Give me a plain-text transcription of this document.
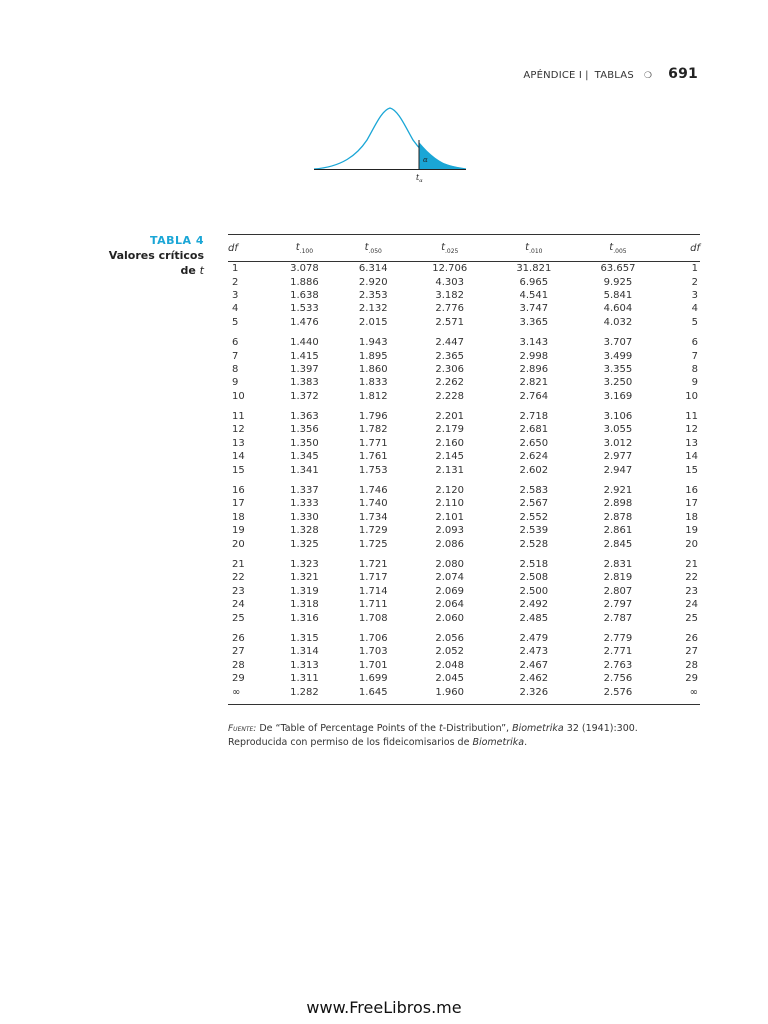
APÉNDICE I | TABLAS ❍ 691
α
$t_\alpha$
TABLA 4
Valores críticos
de t
df	$t_{.100}$	$t_{.050}$	$t_{.025}$	$t_{.010}$	$t_{.005}$	df
1	3.078	6.314	12.706	31.821	63.657	1
2	1.886	2.920	4.303	6.965	9.925	2
3	1.638	2.353	3.182	4.541	5.841	3
4	1.533	2.132	2.776	3.747	4.604	4
5	1.476	2.015	2.571	3.365	4.032	5
6	1.440	1.943	2.447	3.143	3.707	6
7	1.415	1.895	2.365	2.998	3.499	7
8	1.397	1.860	2.306	2.896	3.355	8
9	1.383	1.833	2.262	2.821	3.250	9
10	1.372	1.812	2.228	2.764	3.169	10
11	1.363	1.796	2.201	2.718	3.106	11
12	1.356	1.782	2.179	2.681	3.055	12
13	1.350	1.771	2.160	2.650	3.012	13
14	1.345	1.761	2.145	2.624	2.977	14
15	1.341	1.753	2.131	2.602	2.947	15
16	1.337	1.746	2.120	2.583	2.921	16
17	1.333	1.740	2.110	2.567	2.898	17
18	1.330	1.734	2.101	2.552	2.878	18
19	1.328	1.729	2.093	2.539	2.861	19
20	1.325	1.725	2.086	2.528	2.845	20
21	1.323	1.721	2.080	2.518	2.831	21
22	1.321	1.717	2.074	2.508	2.819	22
23	1.319	1.714	2.069	2.500	2.807	23
24	1.318	1.711	2.064	2.492	2.797	24
25	1.316	1.708	2.060	2.485	2.787	25
26	1.315	1.706	2.056	2.479	2.779	26
27	1.314	1.703	2.052	2.473	2.771	27
28	1.313	1.701	2.048	2.467	2.763	28
29	1.311	1.699	2.045	2.462	2.756	29
∞	1.282	1.645	1.960	2.326	2.576	∞
Fuente: De “Table of Percentage Points of the t-Distribution”, Biometrika 32 (1941):300. Reproducida con permiso de los fideicomisarios de Biometrika.
www.FreeLibros.me
